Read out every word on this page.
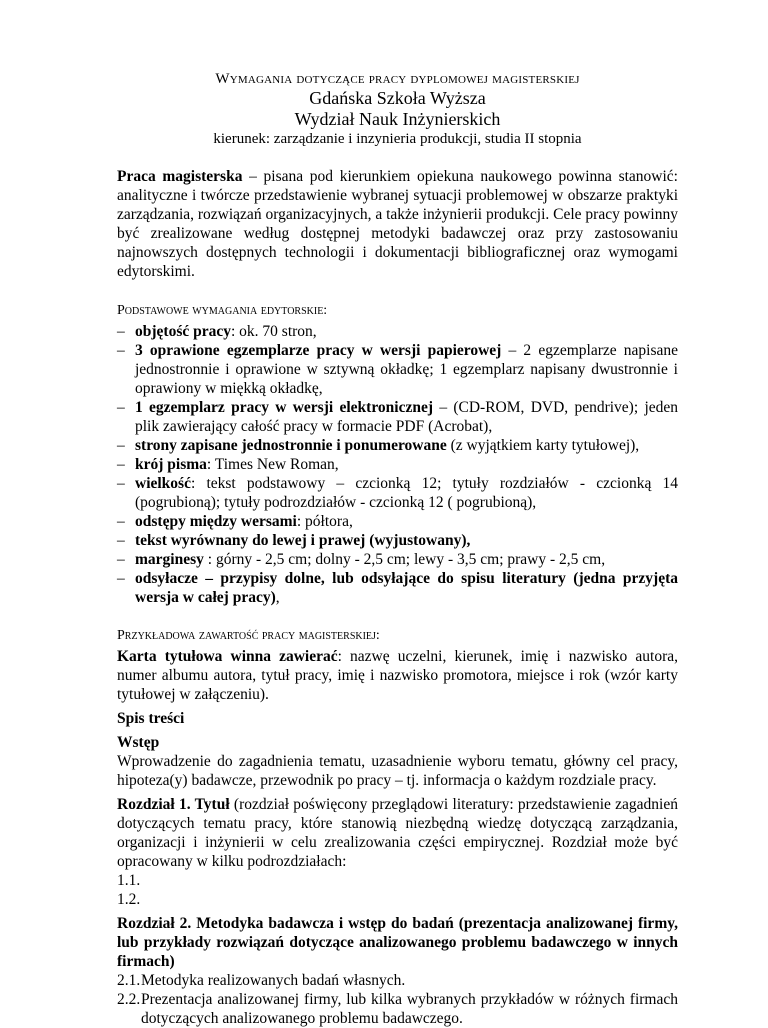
Wymagania dotyczące pracy dyplomowej magisterskiej
Gdańska Szkoła Wyższa
Wydział Nauk Inżynierskich
kierunek: zarządzanie i inzynieria produkcji, studia II stopnia

Praca magisterska – pisana pod kierunkiem opiekuna naukowego powinna stanowić: analityczne i twórcze przedstawienie wybranej sytuacji problemowej w obszarze praktyki zarządzania, rozwiązań organizacyjnych, a także inżynierii produkcji. Cele pracy powinny być zrealizowane według dostępnej metodyki badawczej oraz przy zastosowaniu najnowszych dostępnych technologii i dokumentacji bibliograficznej oraz wymogami edytorskimi.

Podstawowe wymagania edytorskie:
– objętość pracy: ok. 70 stron,
– 3 oprawione egzemplarze pracy w wersji papierowej – 2 egzemplarze napisane jednostronnie i oprawione w sztywną okładkę; 1 egzemplarz napisany dwustronnie i oprawiony w miękką okładkę,
– 1 egzemplarz pracy w wersji elektronicznej – (CD-ROM, DVD, pendrive); jeden plik zawierający całość pracy w formacie PDF (Acrobat),
– strony zapisane jednostronnie i ponumerowane (z wyjątkiem karty tytułowej),
– krój pisma: Times New Roman,
– wielkość: tekst podstawowy – czcionką 12; tytuły rozdziałów - czcionką 14 (pogrubioną); tytuły podrozdziałów - czcionką 12 ( pogrubioną),
– odstępy między wersami: półtora,
– tekst wyrównany do lewej i prawej (wyjustowany),
– marginesy : górny - 2,5 cm; dolny - 2,5 cm; lewy - 3,5 cm; prawy - 2,5 cm,
– odsyłacze – przypisy dolne, lub odsyłające do spisu literatury (jedna przyjęta wersja w całej pracy),
Przykładowa zawartość pracy magisterskiej:

Karta tytułowa winna zawierać: nazwę uczelni, kierunek, imię i nazwisko autora, numer albumu autora, tytuł pracy, imię i nazwisko promotora, miejsce i rok (wzór karty tytułowej w załączeniu).

Spis treści

Wstęp

Wprowadzenie do zagadnienia tematu, uzasadnienie wyboru tematu, główny cel pracy, hipoteza(y) badawcze, przewodnik po pracy – tj. informacja o każdym rozdziale pracy.

Rozdział 1. Tytuł (rozdział poświęcony przeglądowi literatury: przedstawienie zagadnień dotyczących tematu pracy, które stanowią niezbędną wiedzę dotyczącą zarządzania, organizacji i inżynierii w celu zrealizowania części empirycznej. Rozdział może być opracowany w kilku podrozdziałach:

1.1.

1.2.

Rozdział 2. Metodyka badawcza i wstęp do badań (prezentacja analizowanej firmy, lub przykłady rozwiązań dotyczące analizowanego problemu badawczego w innych firmach)

2.1. Metodyka realizowanych badań własnych.
2.2. Prezentacja analizowanej firmy, lub kilka wybranych przykładów w różnych firmach dotyczących analizowanego problemu badawczego.
